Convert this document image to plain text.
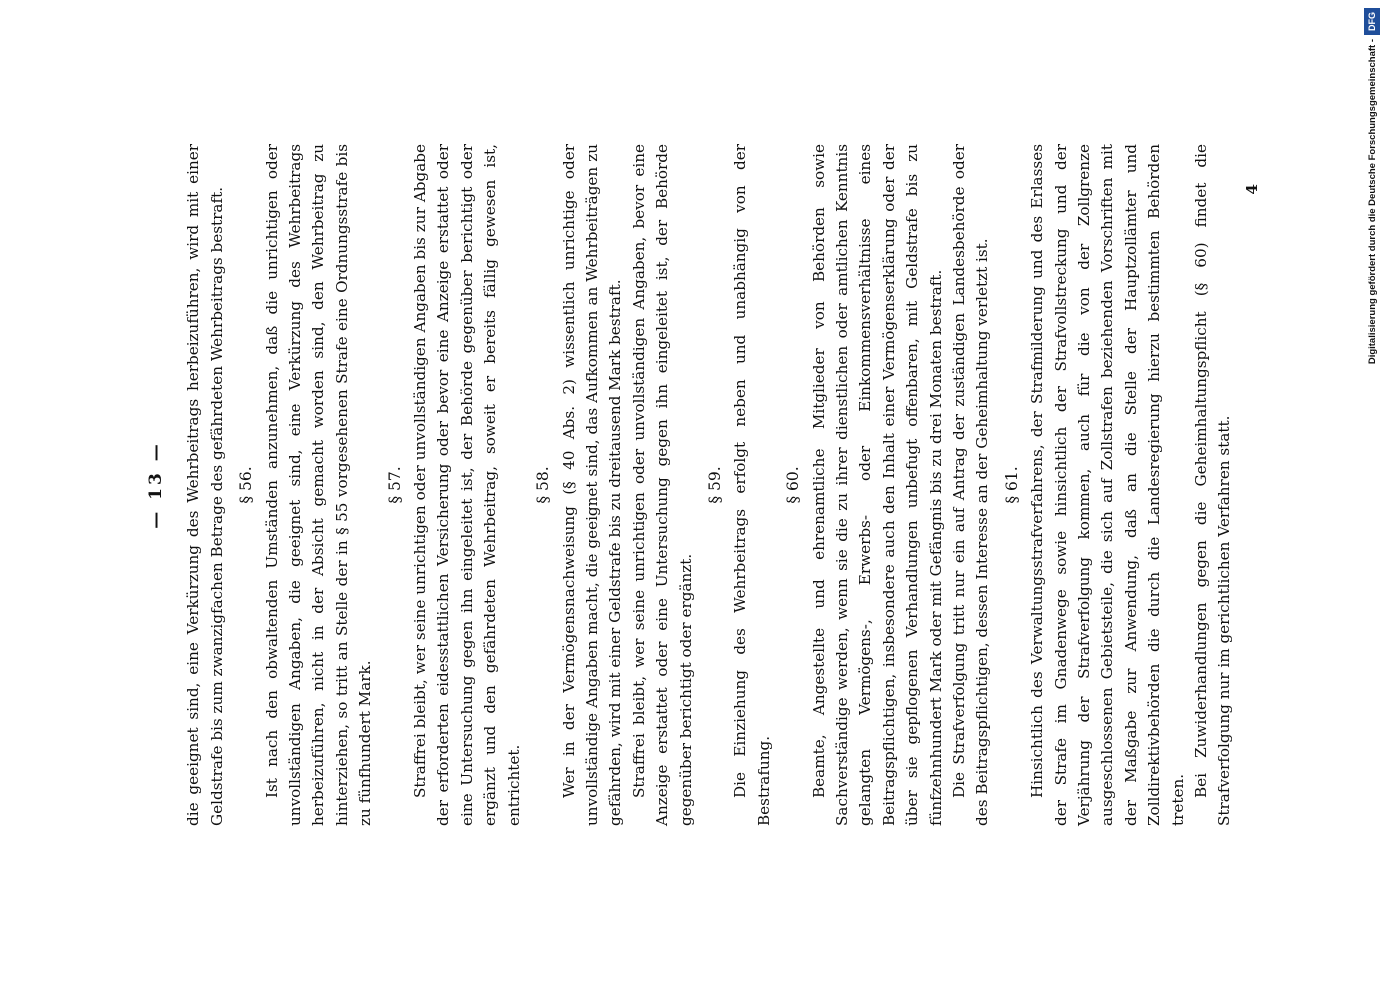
— 13 — die geeignet sind, eine Verkürzung des Wehrbeitrags herbeizuführen, wird mit einer Geldstrafe bis zum zwanzigfachen Betrage des gefährdeten Wehrbeitrags bestraft. § 56. Ist nach den obwaltenden Umständen anzunehmen, daß die unrichtigen oder unvollständigen Angaben, die geeignet sind, eine Verkürzung des Wehrbeitrags herbeizuführen, nicht in der Absicht gemacht worden sind, den Wehrbeitrag zu hinterziehen, so tritt an Stelle der in § 55 vorgesehenen Strafe eine Ordnungsstrafe bis zu fünfhundert Mark.

§ 57. Straffrei bleibt, wer seine unrichtigen oder unvollständigen Angaben bis zur Abgabe der erforderten eidesstattlichen Versicherung oder bevor eine Anzeige erstattet oder eine Untersuchung gegen ihn eingeleitet ist, der Behörde gegenüber berichtigt oder ergänzt und den gefährdeten Wehrbeitrag, soweit er bereits fällig gewesen ist, entrichtet.

§ 58. Wer in der Vermögensnachweisung (§ 40 Abs. 2) wissentlich unrichtige oder unvollständige Angaben macht, die geeignet sind, das Aufkommen an Wehrbeiträgen zu gefährden, wird mit einer Geldstrafe bis zu dreitausend Mark bestraft. Straffrei bleibt, wer seine unrichtigen oder unvollständigen Angaben, bevor eine Anzeige erstattet oder eine Untersuchung gegen ihn eingeleitet ist, der Behörde gegenüber berichtigt oder ergänzt.

§ 59. Die Einziehung des Wehrbeitrags erfolgt neben und unabhängig von der Bestrafung.

§ 60. Beamte, Angestellte und ehrenamtliche Mitglieder von Behörden sowie Sachverständige werden, wenn sie die zu ihrer dienstlichen oder amtlichen Kenntnis gelangten Vermögens-, Erwerbs- oder Einkommensverhältnisse eines Beitragspflichtigen, insbesondere auch den Inhalt einer Vermögenserklärung oder der über sie gepflogenen Verhandlungen unbefugt offenbaren, mit Geldstrafe bis zu fünfzehnhundert Mark oder mit Gefängnis bis zu drei Monaten bestraft. Die Strafverfolgung tritt nur ein auf Antrag der zuständigen Landesbehörde oder des Beitragspflichtigen, dessen Interesse an der Geheimhaltung verletzt ist. § 61. Hinsichtlich des Verwaltungsstrafverfahrens, der Strafmilderung und des Erlasses der Strafe im Gnadenwege sowie hinsichtlich der Strafvollstreckung und der Verjährung der Strafverfolgung kommen, auch für die von der Zollgrenze ausgeschlossenen Gebietsteile, die sich auf Zollstrafen beziehenden Vorschriften mit der Maßgabe zur Anwendung, daß an die Stelle der Hauptzollämter und Zolldirektivbehörden die durch die Landesregierung hierzu bestimmten Behörden treten.

Bei Zuwiderhandlungen gegen die Geheimhaltungspflicht (§ 60) findet die Strafverfolgung nur im gerichtlichen Verfahren statt.

4	Digitalisierung gefördert durch die Deutsche Forschungsgemeinschaft -
DFG
